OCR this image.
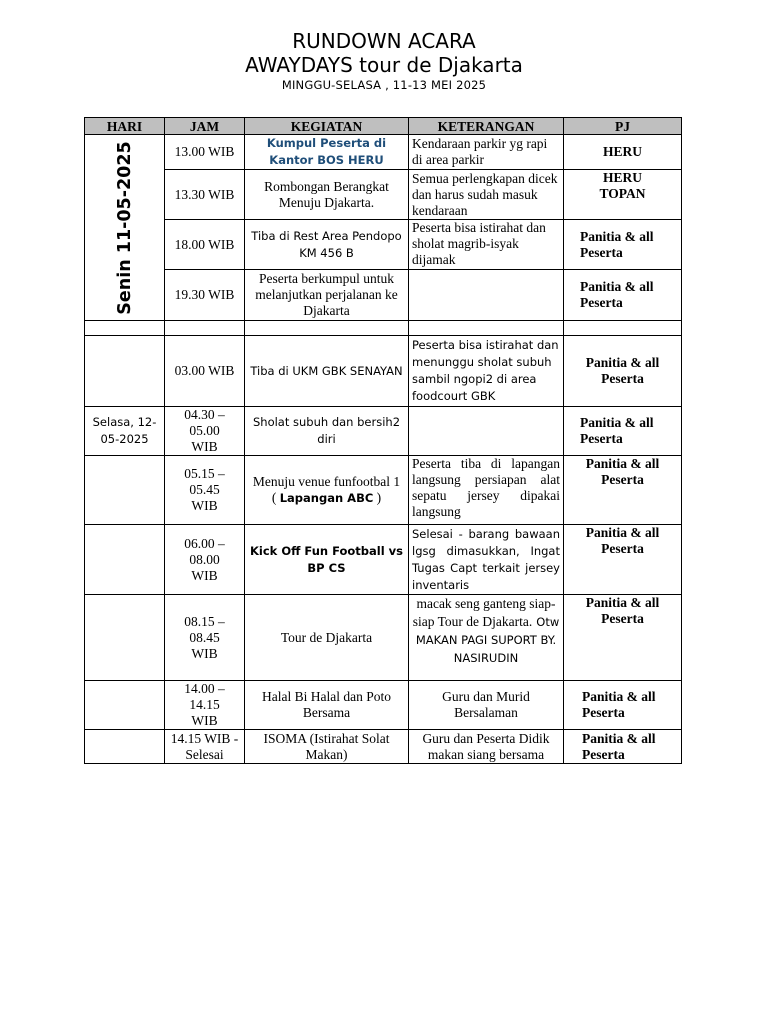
RUNDOWN ACARA
AWAYDAYS tour de Djakarta
MINGGU-SELASA , 11-13 MEI 2025
HARI	JAM	KEGIATAN	KETERANGAN	PJ

Senin 11-05-2025	13.00 WIB	Kumpul Peserta di Kantor BOS HERU	Kendaraan parkir yg rapi di area parkir	HERU
	13.30 WIB	Rombongan Berangkat Menuju Djakarta.	Semua perlengkapan dicek dan harus sudah masuk kendaraan	HERU TOPAN
	18.00 WIB	Tiba di Rest Area Pendopo KM 456 B	Peserta bisa istirahat dan sholat magrib-isyak dijamak	Panitia & all Peserta
	19.30 WIB	Peserta berkumpul untuk melanjutkan perjalanan ke Djakarta		Panitia & all Peserta

	03.00 WIB	Tiba di UKM GBK SENAYAN	Peserta bisa istirahat dan menunggu sholat subuh sambil ngopi2 di area foodcourt GBK	Panitia & all Peserta
Selasa, 12-05-2025	04.30 – 05.00 WIB	Sholat subuh dan bersih2 diri		Panitia & all Peserta
	05.15 – 05.45 WIB	Menuju venue funfootbal 1
( Lapangan ABC )	Peserta tiba di lapangan langsung persiapan alat sepatu jersey dipakai langsung	Panitia & all Peserta
	06.00 – 08.00 WIB	Kick Off Fun Football vs BP CS	Selesai - barang bawaan lgsg dimasukkan, Ingat Tugas Capt terkait jersey inventaris	Panitia & all Peserta
	08.15 – 08.45 WIB	Tour de Djakarta	macak seng ganteng siap-siap Tour de Djakarta. Otw MAKAN PAGI SUPORT BY. NASIRUDIN	Panitia & all Peserta
	14.00 – 14.15 WIB	Halal Bi Halal dan Poto Bersama	Guru dan Murid Bersalaman	Panitia & all Peserta
	14.15 WIB - Selesai	ISOMA (Istirahat Solat Makan)	Guru dan Peserta Didik makan siang bersama	Panitia & all Peserta
